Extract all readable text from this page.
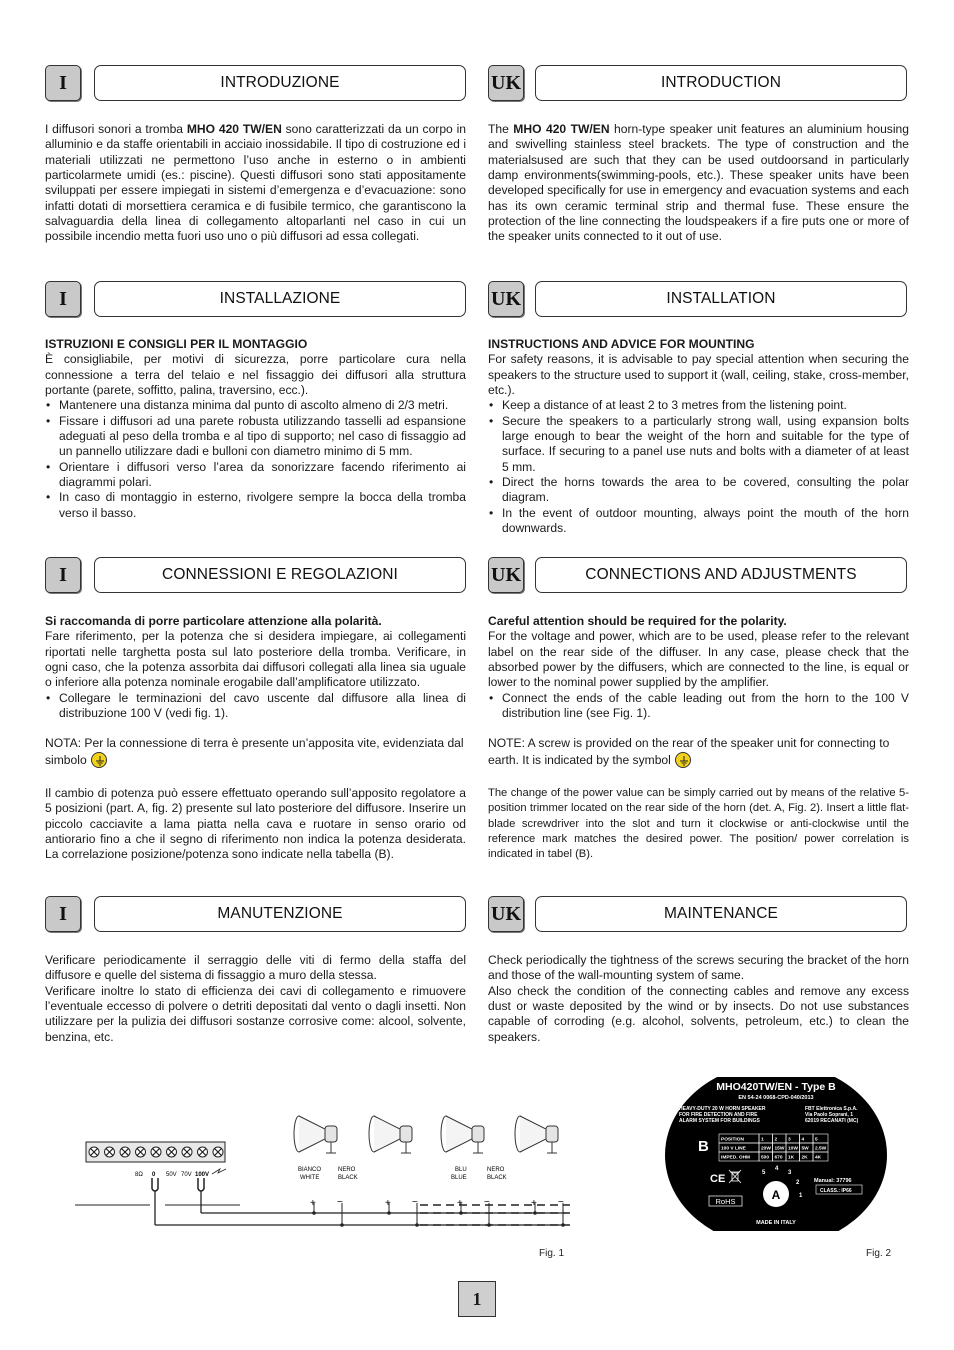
I	INTRODUZIONE	UK	INTRODUCTION

I diffusori sonori a tromba MHO 420 TW/EN sono caratterizzati da un corpo in alluminio e da staffe orientabili in acciaio inossidabile. Il tipo di costruzione ed i materiali utilizzati ne permettono l’uso anche in esterno o in ambienti particolarmete umidi (es.: piscine). Questi diffusori sono stati appositamente sviluppati per essere impiegati in sistemi d’emergenza e d’evacuazione: sono infatti dotati di morsettiera ceramica e di fusibile termico, che garantiscono la salvaguardia della linea di collegamento altoparlanti nel caso in cui un possibile incendio metta fuori uso uno o più diffusori ad essa collegati.

The MHO 420 TW/EN horn-type speaker unit features an aluminium housing and swivelling stainless steel brackets. The type of construction and the materialsused are such that they can be used outdoorsand in particularly damp environments(swimming-pools, etc.). These speaker units have been developed specifically for use in emergency and evacuation systems and each has its own ceramic terminal strip and thermal fuse. These ensure the protection of the line connecting the loudspeakers if a fire puts one or more of the speaker units connected to it out of use.

I	INSTALLAZIONE	UK	INSTALLATION

ISTRUZIONI E CONSIGLI PER IL MONTAGGIO

È consigliabile, per motivi di sicurezza, porre particolare cura nella connessione a terra del telaio e nel fissaggio dei diffusori alla struttura portante (parete, soffitto, palina, traversino, ecc.).

• Mantenere una distanza minima dal punto di ascolto almeno di 2/3 metri.
• Fissare i diffusori ad una parete robusta utilizzando tasselli ad espansione adeguati al peso della tromba e al tipo di supporto; nel caso di fissaggio ad un pannello utilizzare dadi e bulloni con diametro minimo di 5 mm.
• Orientare i diffusori verso l’area da sonorizzare facendo riferimento ai diagrammi polari.
• In caso di montaggio in esterno, rivolgere sempre la bocca della tromba verso il basso.

INSTRUCTIONS AND ADVICE FOR MOUNTING

For safety reasons, it is advisable to pay special attention when securing the speakers to the structure used to support it (wall, ceiling, stake, cross-member, etc.).

• Keep a distance of at least 2 to 3 metres from the listening point.
• Secure the speakers to a particularly strong wall, using expansion bolts large enough to bear the weight of the horn and suitable for the type of surface. If securing to a panel use nuts and bolts with a diameter of at least 5 mm.
• Direct the horns towards the area to be covered, consulting the polar diagram.
• In the event of outdoor mounting, always point the mouth of the horn downwards.
I	CONNESSIONI E REGOLAZIONI	UK	CONNECTIONS AND ADJUSTMENTS

Si raccomanda di porre particolare attenzione alla polarità.

Fare riferimento, per la potenza che si desidera impiegare, ai collegamenti riportati nelle targhetta posta sul lato posteriore della tromba. Verificare, in ogni caso, che la potenza assorbita dai diffusori collegati alla linea sia uguale o inferiore alla potenza nominale erogabile dall’amplificatore utilizzato.

• Collegare le terminazioni del cavo uscente dal diffusore alla linea di distribuzione 100 V (vedi fig. 1).

NOTA: Per la connessione di terra è presente un’apposita vite, evidenziata dal simbolo

Il cambio di potenza può essere effettuato operando sull’apposito regolatore a 5 posizioni (part. A, fig. 2) presente sul lato posteriore del diffusore. Inserire un piccolo cacciavite a lama piatta nella cava e ruotare in senso orario od antiorario fino a che il segno di riferimento non indica la potenza desiderata. La correlazione posizione/potenza sono indicate nella tabella (B).

Careful attention should be required for the polarity.

For the voltage and power, which are to be used, please refer to the relevant label on the rear side of the diffuser. In any case, please check that the absorbed power by the diffusers, which are connected to the line, is equal or lower to the nominal power supplied by the amplifier.

• Connect the ends of the cable leading out from the horn to the 100 V distribution line (see Fig. 1).

NOTE: A screw is provided on the rear of the speaker unit for connecting to earth. It is indicated by the symbol

The change of the power value can be simply carried out by means of the relative 5-position trimmer located on the rear side of the horn (det. A, Fig. 2). Insert a little flat-blade screwdriver into the slot and turn it clockwise or anti-clockwise until the reference mark matches the desired power. The position/ power correlation is indicated in tabel (B).

I	MANUTENZIONE	UK	MAINTENANCE

Verificare periodicamente il serraggio delle viti di fermo della staffa del diffusore e quelle del sistema di fissaggio a muro della stessa.

Verificare inoltre lo stato di efficienza dei cavi di collegamento e rimuovere l’eventuale eccesso di polvere o detriti depositati dal vento o dagli insetti. Non utilizzare per la pulizia dei diffusori sostanze corrosive come: alcool, solvente, benzina, etc.

Check periodically the tightness of the screws securing the bracket of the horn and those of the wall-mounting system of same.

Also check the condition of the connecting cables and remove any excess dust or waste deposited by the wind or by insects. Do not use substances capable of corroding (e.g. alcohol, solvents, petroleum, etc.) to clean the speakers.

8Ω 0 50V 70V 100V
+ −	+ −	+ −	+ −
BIANCO
WHITE
NERO
BLACK
BLU
BLUE
NERO
BLACK
Fig. 1
MHO420TW/EN - Type B
EN 54-24 0068-CPD-040/2013
HEAVY-DUTY 20 W HORN SPEAKER
FOR FIRE DETECTION AND FIRE
ALARM SYSTEM FOR BUILDINGS
FBT Elettronica S.p.A.
Via Paolo Soprani, 1
62019 RECANATI (MC)
B	POSITION	1 2 3 4 5
100 V LINE	20W 15W 10W 5W 2.5W
IMPED. OHM 500 670 1K 2K 4K
CE
RoHS	A
5
4
3
2
1
Manual: 37796
CLASS.: IP66
MADE IN ITALY
Fig. 2
1
